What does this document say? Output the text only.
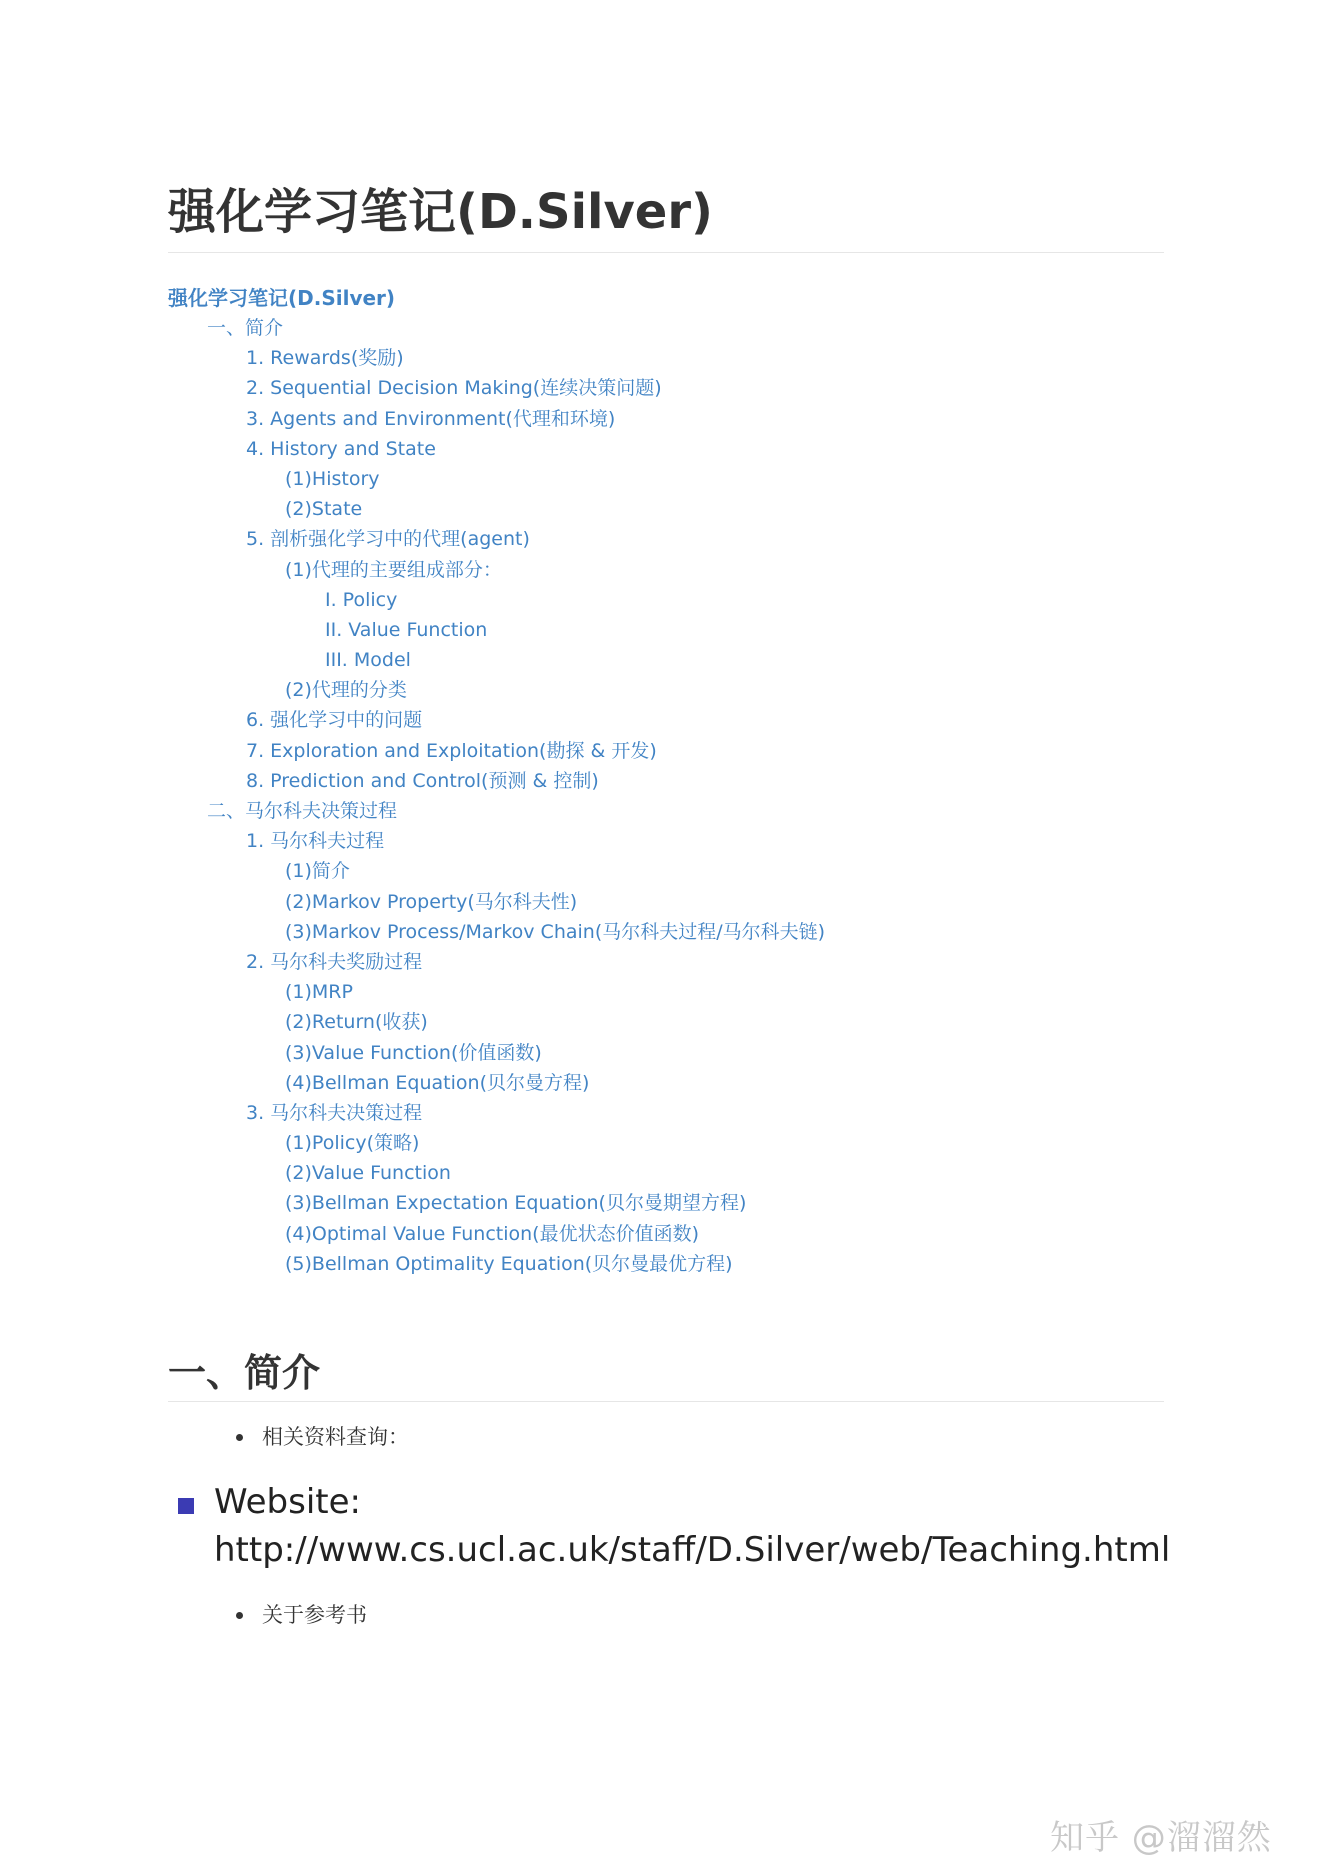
强化学习笔记(D.Silver)
强化学习笔记(D.Silver)
一、简介
1. Rewards(奖励)
2. Sequential Decision Making(连续决策问题)
3. Agents and Environment(代理和环境)
4. History and State
(1)History
(2)State
5. 剖析强化学习中的代理(agent)
(1)代理的主要组成部分：
I. Policy
II. Value Function
III. Model
(2)代理的分类
6. 强化学习中的问题
7. Exploration and Exploitation(勘探 & 开发)
8. Prediction and Control(预测 & 控制)
二、马尔科夫决策过程
1. 马尔科夫过程
(1)简介
(2)Markov Property(马尔科夫性)
(3)Markov Process/Markov Chain(马尔科夫过程/马尔科夫链)
2. 马尔科夫奖励过程
(1)MRP
(2)Return(收获)
(3)Value Function(价值函数)
(4)Bellman Equation(贝尔曼方程)
3. 马尔科夫决策过程
(1)Policy(策略)
(2)Value Function
(3)Bellman Expectation Equation(贝尔曼期望方程)
(4)Optimal Value Function(最优状态价值函数)
(5)Bellman Optimality Equation(贝尔曼最优方程)
一、简介
相关资料查询：
Website:
http://www.cs.ucl.ac.uk/staff/D.Silver/web/Teaching.html
关于参考书
知乎 @溜溜然
